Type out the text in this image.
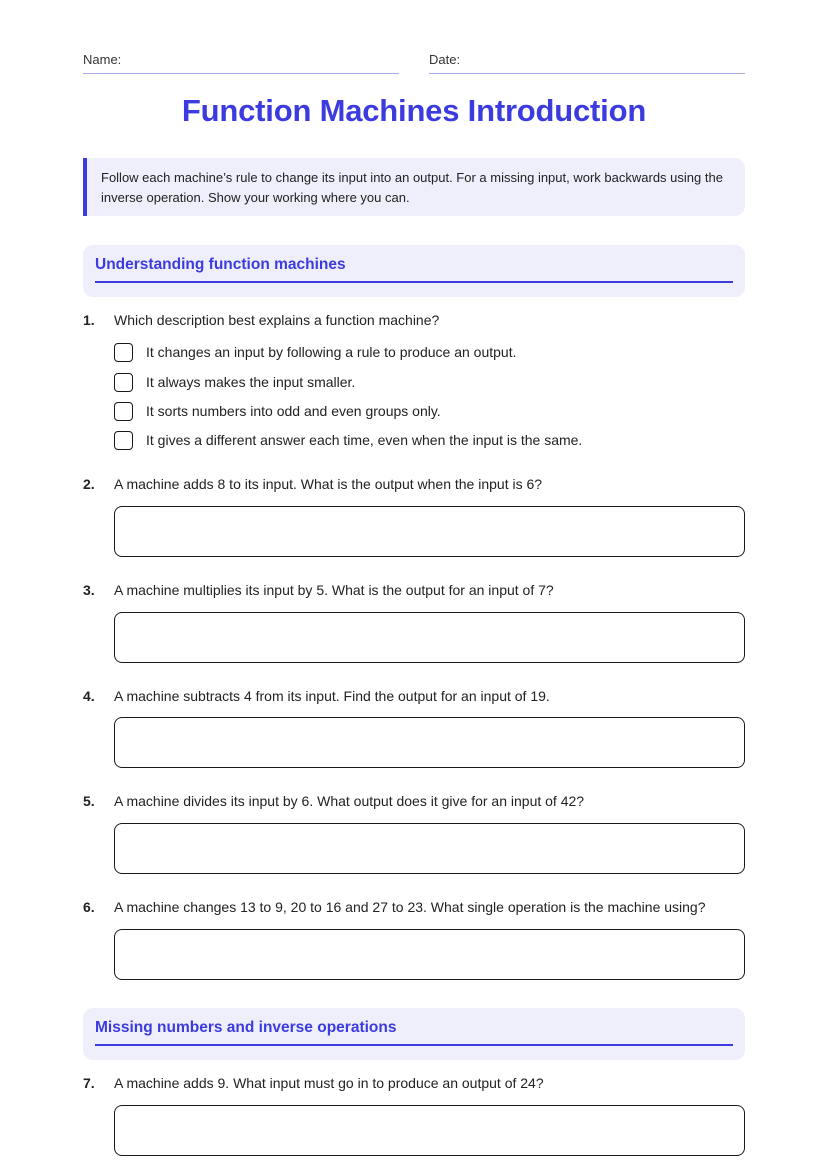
Name:	Date:
Function Machines Introduction
Follow each machine’s rule to change its input into an output. For a missing input, work backwards using the inverse operation. Show your working where you can.
Understanding function machines
1. Which description best explains a function machine?
It changes an input by following a rule to produce an output.
It always makes the input smaller.
It sorts numbers into odd and even groups only.
It gives a different answer each time, even when the input is the same.
2. A machine adds 8 to its input. What is the output when the input is 6?
3. A machine multiplies its input by 5. What is the output for an input of 7?
4. A machine subtracts 4 from its input. Find the output for an input of 19.
5. A machine divides its input by 6. What output does it give for an input of 42?
6. A machine changes 13 to 9, 20 to 16 and 27 to 23. What single operation is the machine using?
Missing numbers and inverse operations
7. A machine adds 9. What input must go in to produce an output of 24?
